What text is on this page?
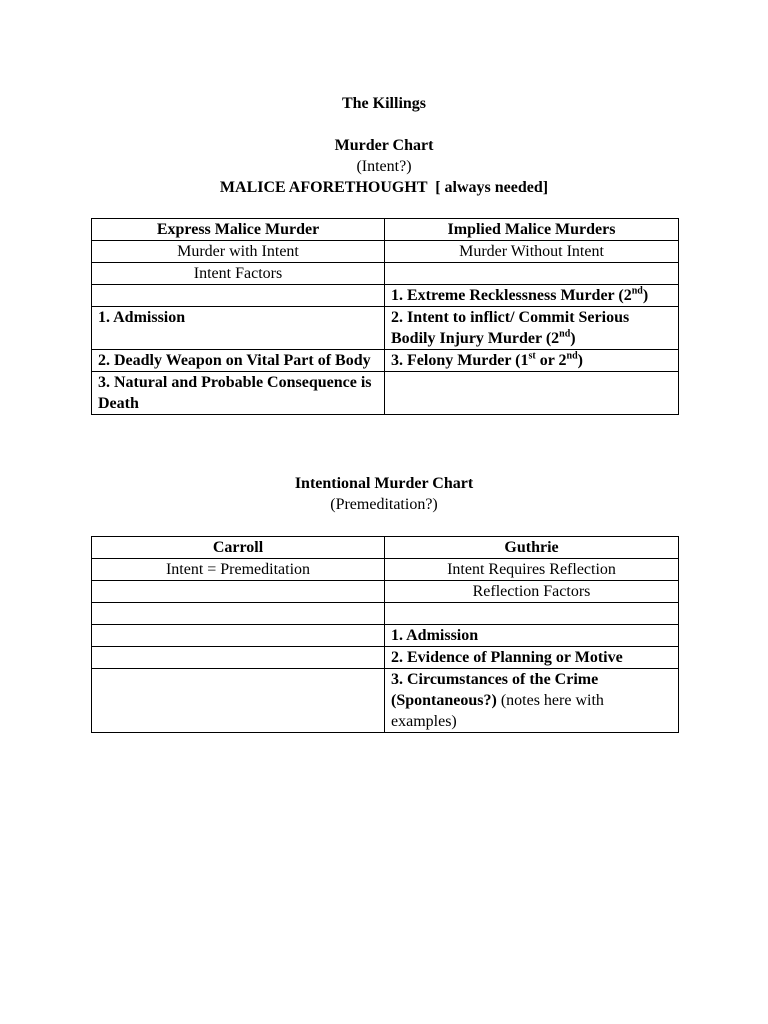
The Killings
Murder Chart
(Intent?)
MALICE AFORETHOUGHT  [ always needed]
Express Malice Murder	Implied Malice Murders
Murder with Intent	Murder Without Intent
Intent Factors	
	1. Extreme Recklessness Murder (2nd)
1. Admission	2. Intent to inflict/ Commit Serious Bodily Injury Murder (2nd)
2. Deadly Weapon on Vital Part of Body	3. Felony Murder (1st or 2nd)
3. Natural and Probable Consequence is Death	
Intentional Murder Chart
(Premeditation?)
Carroll	Guthrie
Intent = Premeditation	Intent Requires Reflection
	Reflection Factors

	1. Admission
	2. Evidence of Planning or Motive
	3. Circumstances of the Crime (Spontaneous?) (notes here with examples)
